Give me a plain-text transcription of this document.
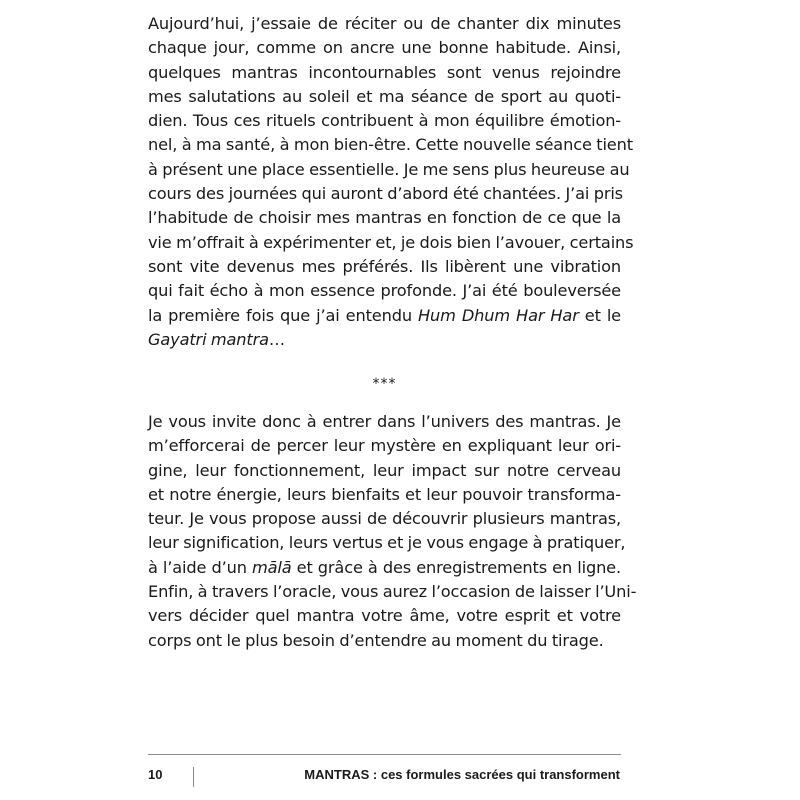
Aujourd’hui, j’essaie de réciter ou de chanter dix minutes
chaque jour, comme on ancre une bonne habitude. Ainsi,
quelques mantras incontournables sont venus rejoindre
mes salutations au soleil et ma séance de sport au quoti-
dien. Tous ces rituels contribuent à mon équilibre émotion-
nel, à ma santé, à mon bien-être. Cette nouvelle séance tient
à présent une place essentielle. Je me sens plus heureuse au
cours des journées qui auront d’abord été chantées. J’ai pris
l’habitude de choisir mes mantras en fonction de ce que la
vie m’offrait à expérimenter et, je dois bien l’avouer, certains
sont vite devenus mes préférés. Ils libèrent une vibration
qui fait écho à mon essence profonde. J’ai été bouleversée
la première fois que j’ai entendu Hum Dhum Har Har et le
Gayatri mantra…
***
Je vous invite donc à entrer dans l’univers des mantras. Je
m’efforcerai de percer leur mystère en expliquant leur ori-
gine, leur fonctionnement, leur impact sur notre cerveau
et notre énergie, leurs bienfaits et leur pouvoir transforma-
teur. Je vous propose aussi de découvrir plusieurs mantras,
leur signification, leurs vertus et je vous engage à pratiquer,
à l’aide d’un mālā et grâce à des enregistrements en ligne.
Enfin, à travers l’oracle, vous aurez l’occasion de laisser l’Uni-
vers décider quel mantra votre âme, votre esprit et votre
corps ont le plus besoin d’entendre au moment du tirage.
10	MANTRAS : ces formules sacrées qui transforment
